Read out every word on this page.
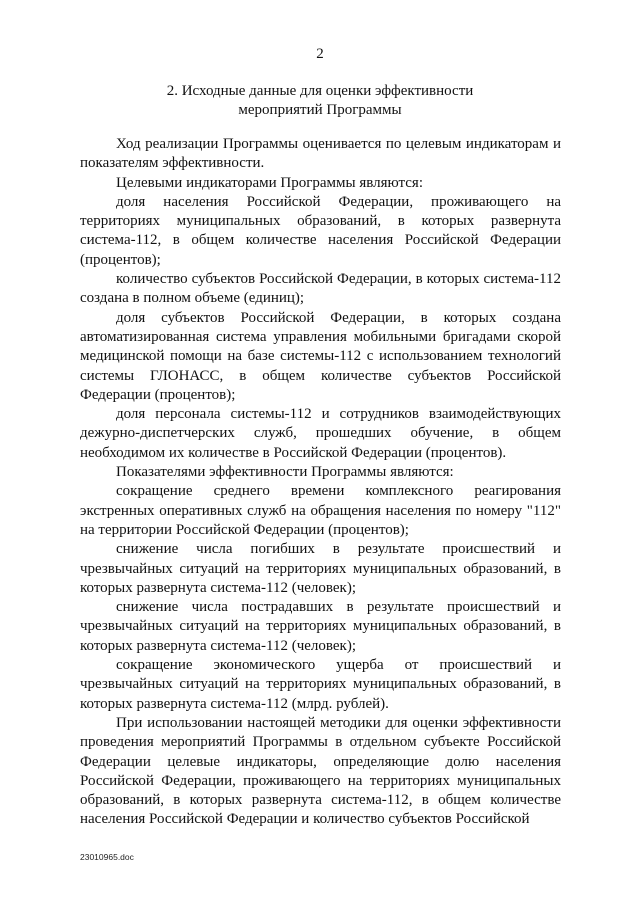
2
2. Исходные данные для оценки эффективности
мероприятий Программы

Ход реализации Программы оценивается по целевым индикаторам и показателям эффективности.

Целевыми индикаторами Программы являются:

доля населения Российской Федерации, проживающего на территориях муниципальных образований, в которых развернута система-112, в общем количестве населения Российской Федерации (процентов);

количество субъектов Российской Федерации, в которых система-112 создана в полном объеме (единиц);

доля субъектов Российской Федерации, в которых создана автоматизированная система управления мобильными бригадами скорой медицинской помощи на базе системы-112 с использованием технологий системы ГЛОНАСС, в общем количестве субъектов Российской Федерации (процентов);

доля персонала системы-112 и сотрудников взаимодействующих дежурно-диспетчерских служб, прошедших обучение, в общем необходимом их количестве в Российской Федерации (процентов).

Показателями эффективности Программы являются:

сокращение среднего времени комплексного реагирования экстренных оперативных служб на обращения населения по номеру "112" на территории Российской Федерации (процентов);

снижение числа погибших в результате происшествий и чрезвычайных ситуаций на территориях муниципальных образований, в которых развернута система-112 (человек);

снижение числа пострадавших в результате происшествий и чрезвычайных ситуаций на территориях муниципальных образований, в которых развернута система-112 (человек);

сокращение экономического ущерба от происшествий и чрезвычайных ситуаций на территориях муниципальных образований, в которых развернута система-112 (млрд. рублей).

При использовании настоящей методики для оценки эффективности проведения мероприятий Программы в отдельном субъекте Российской Федерации целевые индикаторы, определяющие долю населения Российской Федерации, проживающего на территориях муниципальных образований, в которых развернута система-112, в общем количестве населения Российской Федерации и количество субъектов Российской

23010965.doc
